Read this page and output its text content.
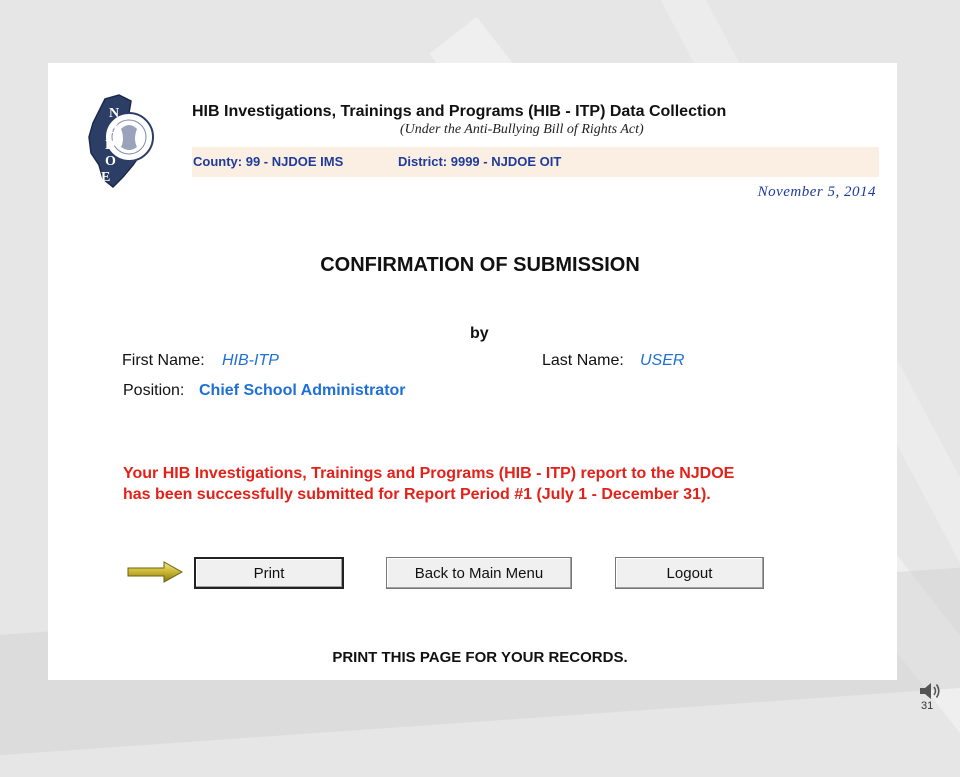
N
J
D
O
E
HIB Investigations, Trainings and Programs (HIB - ITP) Data Collection
(Under the Anti-Bullying Bill of Rights Act)
County: 99 - NJDOE IMS	District: 9999 - NJDOE OIT
November 5, 2014
CONFIRMATION OF SUBMISSION
by
First Name: HIB-ITP	Last Name: USER
Position: Chief School Administrator
Your HIB Investigations, Trainings and Programs (HIB - ITP) report to the NJDOE
has been successfully submitted for Report Period #1 (July 1 - December 31).
Print	Back to Main Menu	Logout
PRINT THIS PAGE FOR YOUR RECORDS.
31
